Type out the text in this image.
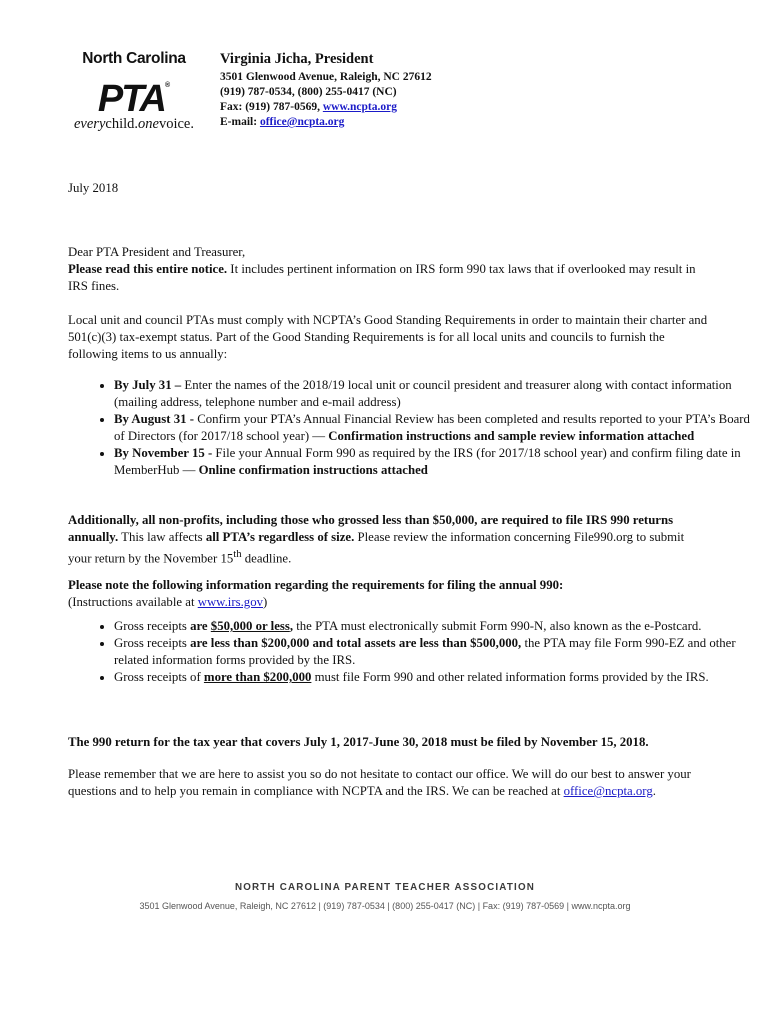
North Carolina
PTA®
everychild.onevoice.
Virginia Jicha, President
3501 Glenwood Avenue, Raleigh, NC 27612
(919) 787-0534, (800) 255-0417 (NC)
Fax: (919) 787-0569, www.ncpta.org
E-mail: office@ncpta.org
July 2018
Dear PTA President and Treasurer,
Please read this entire notice. It includes pertinent information on IRS form 990 tax laws that if overlooked may result in IRS fines.
Local unit and council PTAs must comply with NCPTA’s Good Standing Requirements in order to maintain their charter and 501(c)(3) tax-exempt status. Part of the Good Standing Requirements is for all local units and councils to furnish the following items to us annually:
• By July 31 – Enter the names of the 2018/19 local unit or council president and treasurer along with contact information (mailing address, telephone number and e-mail address)
• By August 31 - Confirm your PTA’s Annual Financial Review has been completed and results reported to your PTA’s Board of Directors (for 2017/18 school year) — Confirmation instructions and sample review information attached
• By November 15 - File your Annual Form 990 as required by the IRS (for 2017/18 school year) and confirm filing date in MemberHub — Online confirmation instructions attached
Additionally, all non-profits, including those who grossed less than $50,000, are required to file IRS 990 returns annually. This law affects all PTA’s regardless of size. Please review the information concerning File990.org to submit your return by the November 15th deadline.
Please note the following information regarding the requirements for filing the annual 990:
(Instructions available at www.irs.gov)
• Gross receipts are $50,000 or less, the PTA must electronically submit Form 990-N, also known as the e-Postcard.
• Gross receipts are less than $200,000 and total assets are less than $500,000, the PTA may file Form 990-EZ and other related information forms provided by the IRS.
• Gross receipts of more than $200,000 must file Form 990 and other related information forms provided by the IRS.
The 990 return for the tax year that covers July 1, 2017-June 30, 2018 must be filed by November 15, 2018.
Please remember that we are here to assist you so do not hesitate to contact our office. We will do our best to answer your questions and to help you remain in compliance with NCPTA and the IRS. We can be reached at office@ncpta.org.
NORTH CAROLINA PARENT TEACHER ASSOCIATION
3501 Glenwood Avenue, Raleigh, NC 27612 | (919) 787-0534 | (800) 255-0417 (NC) | Fax: (919) 787-0569 | www.ncpta.org
